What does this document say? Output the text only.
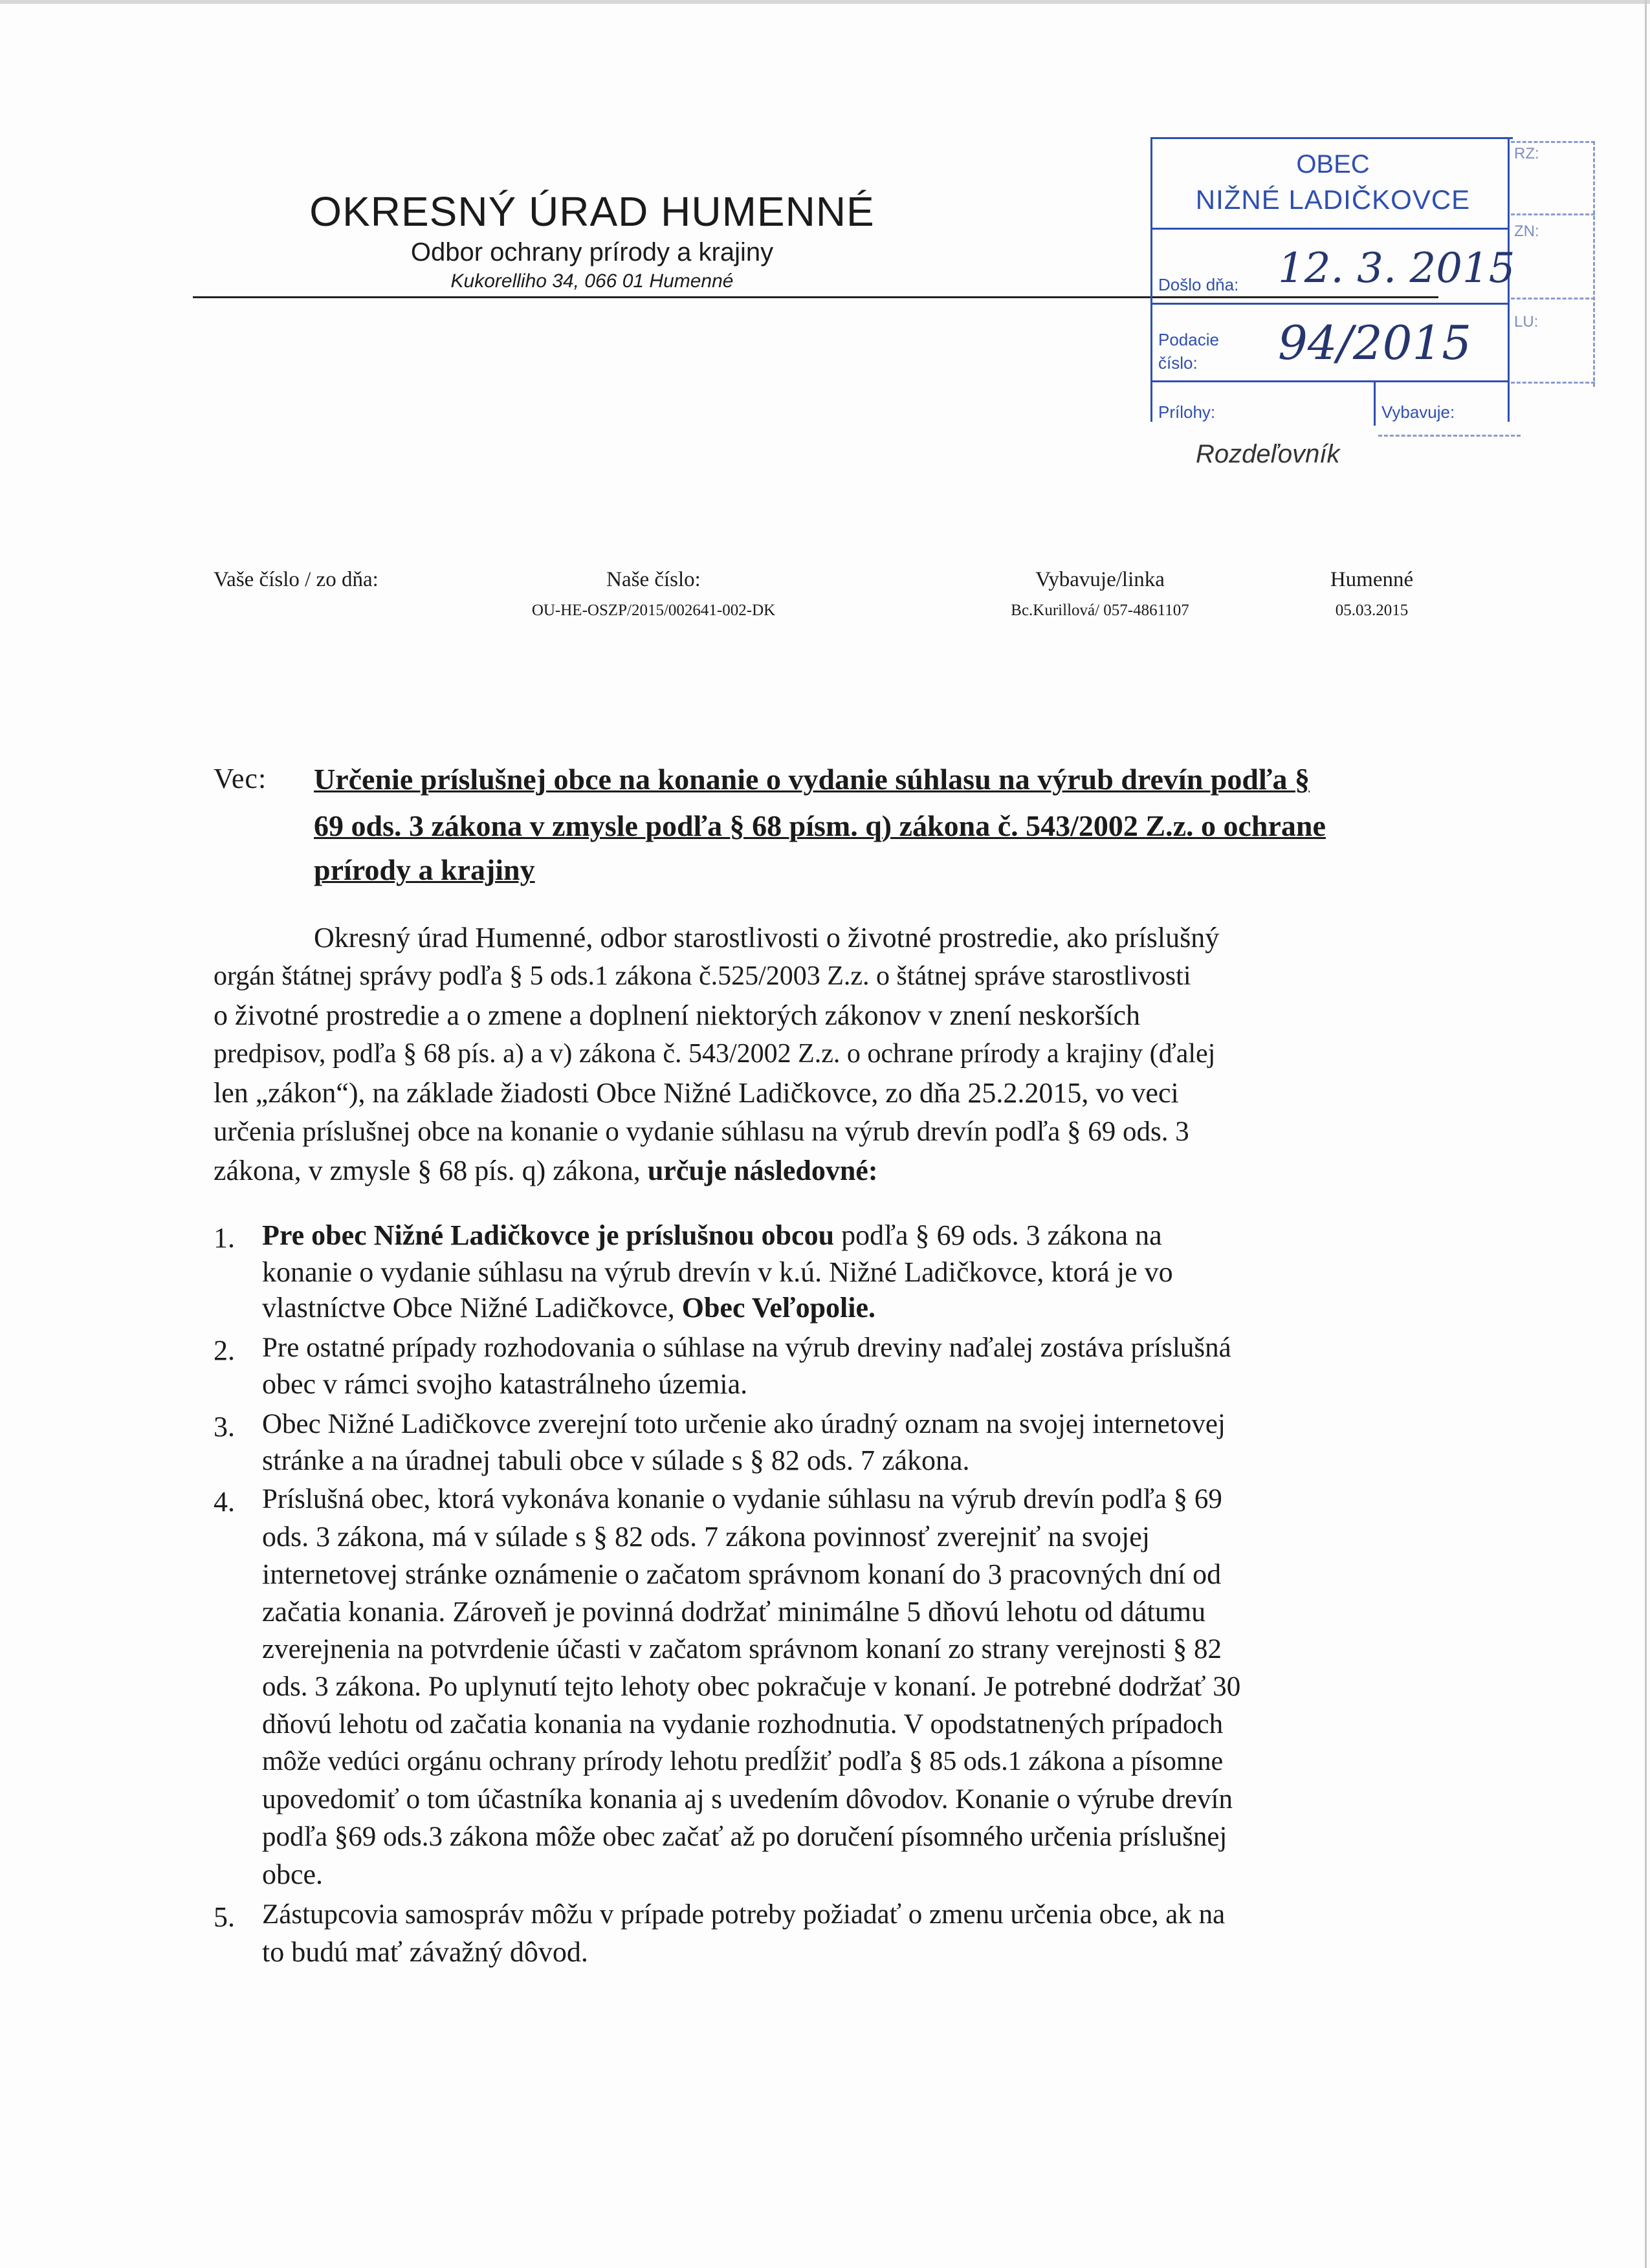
OKRESNÝ ÚRAD HUMENNÉ
Odbor ochrany prírody a krajiny
Kukorelliho 34, 066 01 Humenné
OBEC
NIŽNÉ LADIČKOVCE
Došlo dňa: 12. 3. 2015
Podacie
číslo: 94/2015
Prílohy:	Vybavuje:
RZ:
ZN:
LU:
Rozdeľovník
Vaše číslo / zo dňa:	Naše číslo:
OU-HE-OSZP/2015/002641-002-DK
Vybavuje/linka
Bc.Kurillová/ 057-4861107
Humenné
05.03.2015
Vec: Určenie príslušnej obce na konanie o vydanie súhlasu na výrub drevín podľa §
69 ods. 3 zákona v zmysle podľa § 68 písm. q) zákona č. 543/2002 Z.z. o ochrane
prírody a krajiny
Okresný úrad Humenné, odbor starostlivosti o životné prostredie, ako príslušný
orgán štátnej správy podľa § 5 ods.1 zákona č.525/2003 Z.z. o štátnej správe starostlivosti
o životné prostredie a o zmene a doplnení niektorých zákonov v znení neskorších
predpisov, podľa § 68 pís. a) a v) zákona č. 543/2002 Z.z. o ochrane prírody a krajiny (ďalej
len „zákon“), na základe žiadosti Obce Nižné Ladičkovce, zo dňa 25.2.2015, vo veci
určenia príslušnej obce na konanie o vydanie súhlasu na výrub drevín podľa § 69 ods. 3
zákona, v zmysle § 68 pís. q) zákona, určuje následovné:
1. Pre obec Nižné Ladičkovce je príslušnou obcou podľa § 69 ods. 3 zákona na
konanie o vydanie súhlasu na výrub drevín v k.ú. Nižné Ladičkovce, ktorá je vo
vlastníctve Obce Nižné Ladičkovce, Obec Veľopolie.
2. Pre ostatné prípady rozhodovania o súhlase na výrub dreviny naďalej zostáva príslušná
obec v rámci svojho katastrálneho územia.
3. Obec Nižné Ladičkovce zverejní toto určenie ako úradný oznam na svojej internetovej
stránke a na úradnej tabuli obce v súlade s § 82 ods. 7 zákona.
4. Príslušná obec, ktorá vykonáva konanie o vydanie súhlasu na výrub drevín podľa § 69
ods. 3 zákona, má v súlade s § 82 ods. 7 zákona povinnosť zverejniť na svojej
internetovej stránke oznámenie o začatom správnom konaní do 3 pracovných dní od
začatia konania. Zároveň je povinná dodržať minimálne 5 dňovú lehotu od dátumu
zverejnenia na potvrdenie účasti v začatom správnom konaní zo strany verejnosti § 82
ods. 3 zákona. Po uplynutí tejto lehoty obec pokračuje v konaní. Je potrebné dodržať 30
dňovú lehotu od začatia konania na vydanie rozhodnutia. V opodstatnených prípadoch
môže vedúci orgánu ochrany prírody lehotu predĺžiť podľa § 85 ods.1 zákona a písomne
upovedomiť o tom účastníka konania aj s uvedením dôvodov. Konanie o výrube drevín
podľa §69 ods.3 zákona môže obec začať až po doručení písomného určenia príslušnej
obce.
5. Zástupcovia samospráv môžu v prípade potreby požiadať o zmenu určenia obce, ak na
to budú mať závažný dôvod.
